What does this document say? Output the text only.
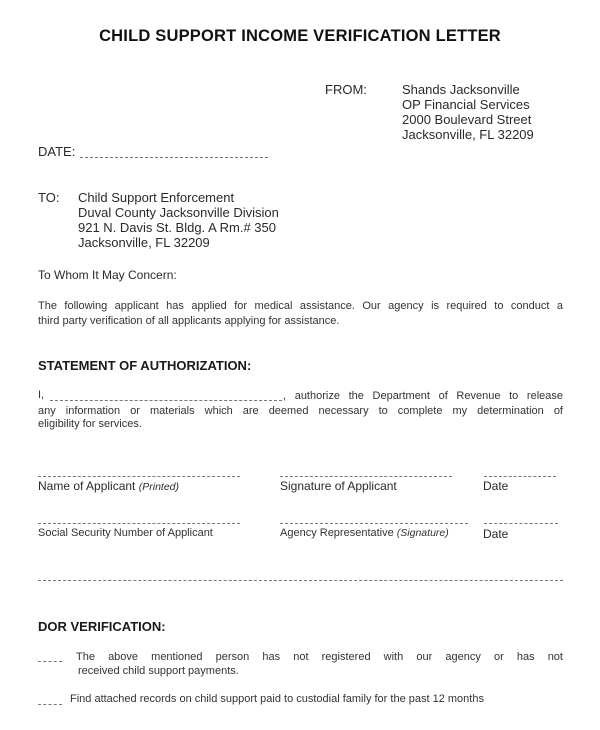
CHILD SUPPORT INCOME VERIFICATION LETTER
FROM:	Shands Jacksonville
OP Financial Services
2000 Boulevard Street
Jacksonville, FL 32209
DATE:
TO: Child Support Enforcement
Duval County Jacksonville Division
921 N. Davis St. Bldg. A Rm.# 350
Jacksonville, FL 32209
To Whom It May Concern:
The following applicant has applied for medical assistance. Our agency is required to conduct a
third party verification of all applicants applying for assistance.
STATEMENT OF AUTHORIZATION:
I,	, authorize the Department of Revenue to release
any information or materials which are deemed necessary to complete my determination of
eligibility for services.
Name of Applicant (Printed)	Signature of Applicant	Date
Social Security Number of Applicant	Agency Representative (Signature)	Date
DOR VERIFICATION:
The above mentioned person has not registered with our agency or has not
received child support payments.
Find attached records on child support paid to custodial family for the past 12 months
